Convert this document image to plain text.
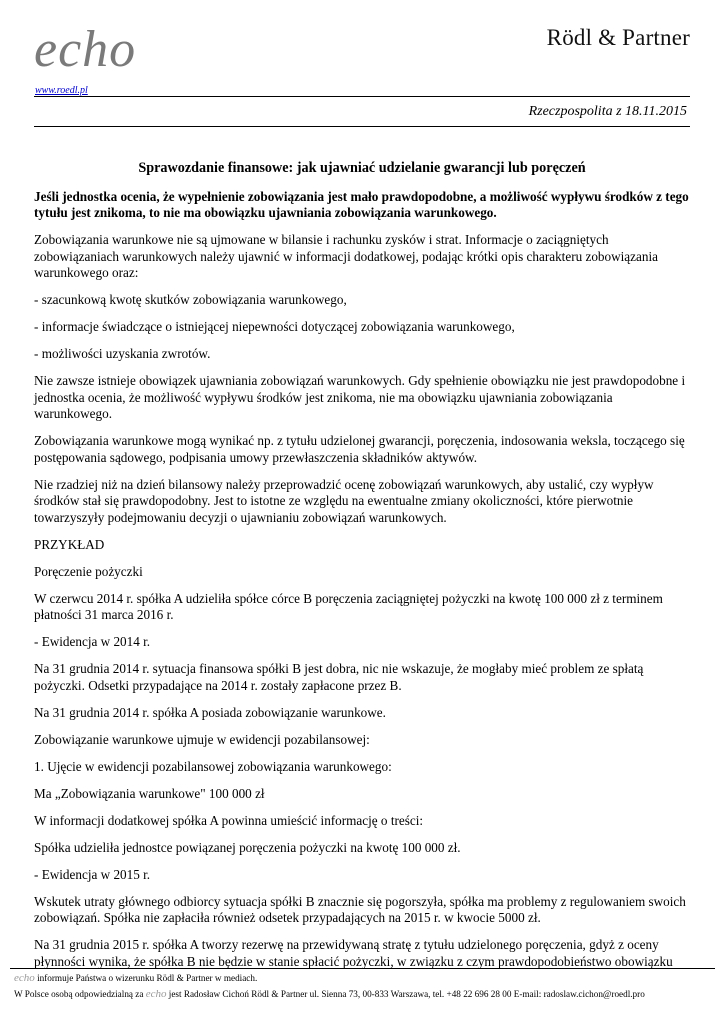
echo
www.roedl.pl
Rödl & Partner
Rzeczpospolita z 18.11.2015
Sprawozdanie finansowe: jak ujawniać udzielanie gwarancji lub poręczeń

Jeśli jednostka ocenia, że wypełnienie zobowiązania jest mało prawdopodobne, a możliwość wypływu środków z tego tytułu jest znikoma, to nie ma obowiązku ujawniania zobowiązania warunkowego.

Zobowiązania warunkowe nie są ujmowane w bilansie i rachunku zysków i strat. Informacje o zaciągniętych zobowiązaniach warunkowych należy ujawnić w informacji dodatkowej, podając krótki opis charakteru zobowiązania warunkowego oraz:

- szacunkową kwotę skutków zobowiązania warunkowego,

- informacje świadczące o istniejącej niepewności dotyczącej zobowiązania warunkowego,

- możliwości uzyskania zwrotów.

Nie zawsze istnieje obowiązek ujawniania zobowiązań warunkowych. Gdy spełnienie obowiązku nie jest prawdopodobne i jednostka ocenia, że możliwość wypływu środków jest znikoma, nie ma obowiązku ujawniania zobowiązania warunkowego.

Zobowiązania warunkowe mogą wynikać np. z tytułu udzielonej gwarancji, poręczenia, indosowania weksla, toczącego się postępowania sądowego, podpisania umowy przewłaszczenia składników aktywów.

Nie rzadziej niż na dzień bilansowy należy przeprowadzić ocenę zobowiązań warunkowych, aby ustalić, czy wypływ środków stał się prawdopodobny. Jest to istotne ze względu na ewentualne zmiany okoliczności, które pierwotnie towarzyszyły podejmowaniu decyzji o ujawnianiu zobowiązań warunkowych.

PRZYKŁAD

Poręczenie pożyczki

W czerwcu 2014 r. spółka A udzieliła spółce córce B poręczenia zaciągniętej pożyczki na kwotę 100 000 zł z terminem płatności 31 marca 2016 r.

- Ewidencja w 2014 r.

Na 31 grudnia 2014 r. sytuacja finansowa spółki B jest dobra, nic nie wskazuje, że mogłaby mieć problem ze spłatą pożyczki. Odsetki przypadające na 2014 r. zostały zapłacone przez B.

Na 31 grudnia 2014 r. spółka A posiada zobowiązanie warunkowe.

Zobowiązanie warunkowe ujmuje w ewidencji pozabilansowej:

1. Ujęcie w ewidencji pozabilansowej zobowiązania warunkowego:

Ma „Zobowiązania warunkowe" 100 000 zł

W informacji dodatkowej spółka A powinna umieścić informację o treści:

Spółka udzieliła jednostce powiązanej poręczenia pożyczki na kwotę 100 000 zł.

- Ewidencja w 2015 r.

Wskutek utraty głównego odbiorcy sytuacja spółki B znacznie się pogorszyła, spółka ma problemy z regulowaniem swoich zobowiązań. Spółka nie zapłaciła również odsetek przypadających na 2015 r. w kwocie 5000 zł.

Na 31 grudnia 2015 r. spółka A tworzy rezerwę na przewidywaną stratę z tytułu udzielonego poręczenia, gdyż z oceny płynności wynika, że spółka B nie będzie w stanie spłacić pożyczki, w związku z czym prawdopodobieństwo obowiązku

echo informuje Państwa o wizerunku Rödl & Partner w mediach.
W Polsce osobą odpowiedzialną za echo jest Radosław Cichoń Rödl & Partner ul. Sienna 73, 00-833 Warszawa, tel. +48 22 696 28 00 E-mail: radoslaw.cichon@roedl.pro
